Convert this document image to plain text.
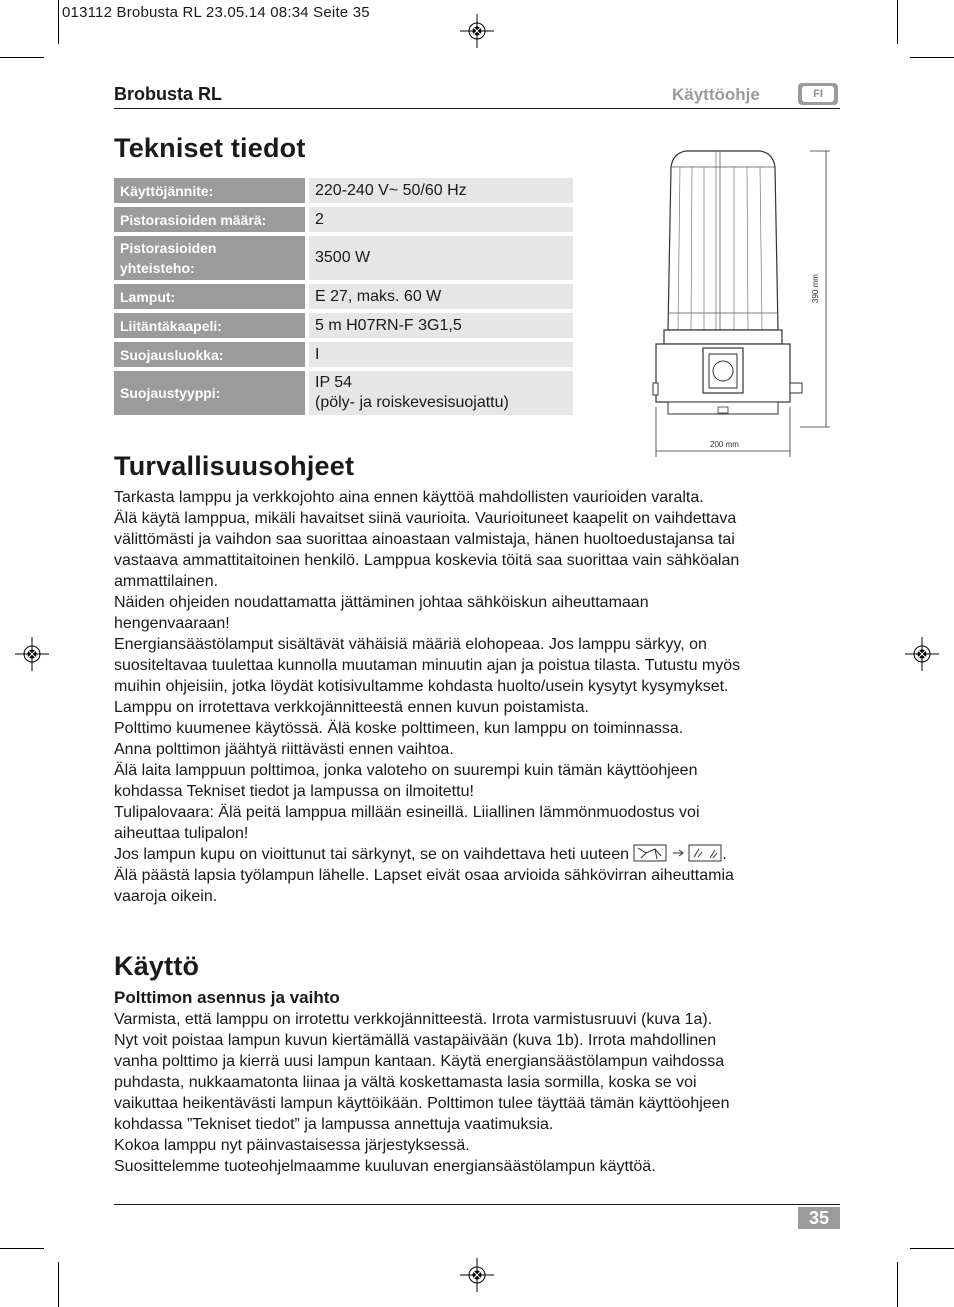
013112 Brobusta RL 23.05.14 08:34 Seite 35
Brobusta RL	Käyttöohje	FI
Tekniset tiedot
Käyttöjännite:	220-240 V~ 50/60 Hz
Pistorasioiden määrä:	2
Pistorasioiden
yhteisteho:
3500 W
Lamput:	E 27, maks. 60 W
Liitäntäkaapeli:	5 m H07RN-F 3G1,5
Suojausluokka:	I
Suojaustyyppi:
IP 54
(pöly- ja roiskevesisuojattu)
390 mm
200 mm
Turvallisuusohjeet

Tarkasta lamppu ja verkkojohto aina ennen käyttöä mahdollisten vaurioiden varalta.

Älä käytä lamppua, mikäli havaitset siinä vaurioita. Vaurioituneet kaapelit on vaihdettava

välittömästi ja vaihdon saa suorittaa ainoastaan valmistaja, hänen huoltoedustajansa tai

vastaava ammattitaitoinen henkilö. Lamppua koskevia töitä saa suorittaa vain sähköalan

ammattilainen.

Näiden ohjeiden noudattamatta jättäminen johtaa sähköiskun aiheuttamaan

hengenvaaraan!

Energiansäästölamput sisältävät vähäisiä määriä elohopeaa. Jos lamppu särkyy, on

suositeltavaa tuulettaa kunnolla muutaman minuutin ajan ja poistua tilasta. Tutustu myös

muihin ohjeisiin, jotka löydät kotisivultamme kohdasta huolto/usein kysytyt kysymykset.

Lamppu on irrotettava verkkojännitteestä ennen kuvun poistamista.

Polttimo kuumenee käytössä. Älä koske polttimeen, kun lamppu on toiminnassa.

Anna polttimon jäähtyä riittävästi ennen vaihtoa.

Älä laita lamppuun polttimoa, jonka valoteho on suurempi kuin tämän käyttöohjeen

kohdassa Tekniset tiedot ja lampussa on ilmoitettu!

Tulipalovaara: Älä peitä lamppua millään esineillä. Liiallinen lämmönmuodostus voi

aiheuttaa tulipalon!

Jos lampun kupu on vioittunut tai särkynyt, se on vaihdettava heti uuteen	.

Älä päästä lapsia työlampun lähelle. Lapset eivät osaa arvioida sähkövirran aiheuttamia

vaaroja oikein.

Käyttö
Polttimon asennus ja vaihto

Varmista, että lamppu on irrotettu verkkojännitteestä. Irrota varmistusruuvi (kuva 1a).

Nyt voit poistaa lampun kuvun kiertämällä vastapäivään (kuva 1b). Irrota mahdollinen

vanha polttimo ja kierrä uusi lampun kantaan. Käytä energiansäästölampun vaihdossa

puhdasta, nukkaamatonta liinaa ja vältä koskettamasta lasia sormilla, koska se voi

vaikuttaa heikentävästi lampun käyttöikään. Polttimon tulee täyttää tämän käyttöohjeen

kohdassa ”Tekniset tiedot” ja lampussa annettuja vaatimuksia.

Kokoa lamppu nyt päinvastaisessa järjestyksessä.

Suosittelemme tuoteohjelmaamme kuuluvan energiansäästölampun käyttöä.

35
